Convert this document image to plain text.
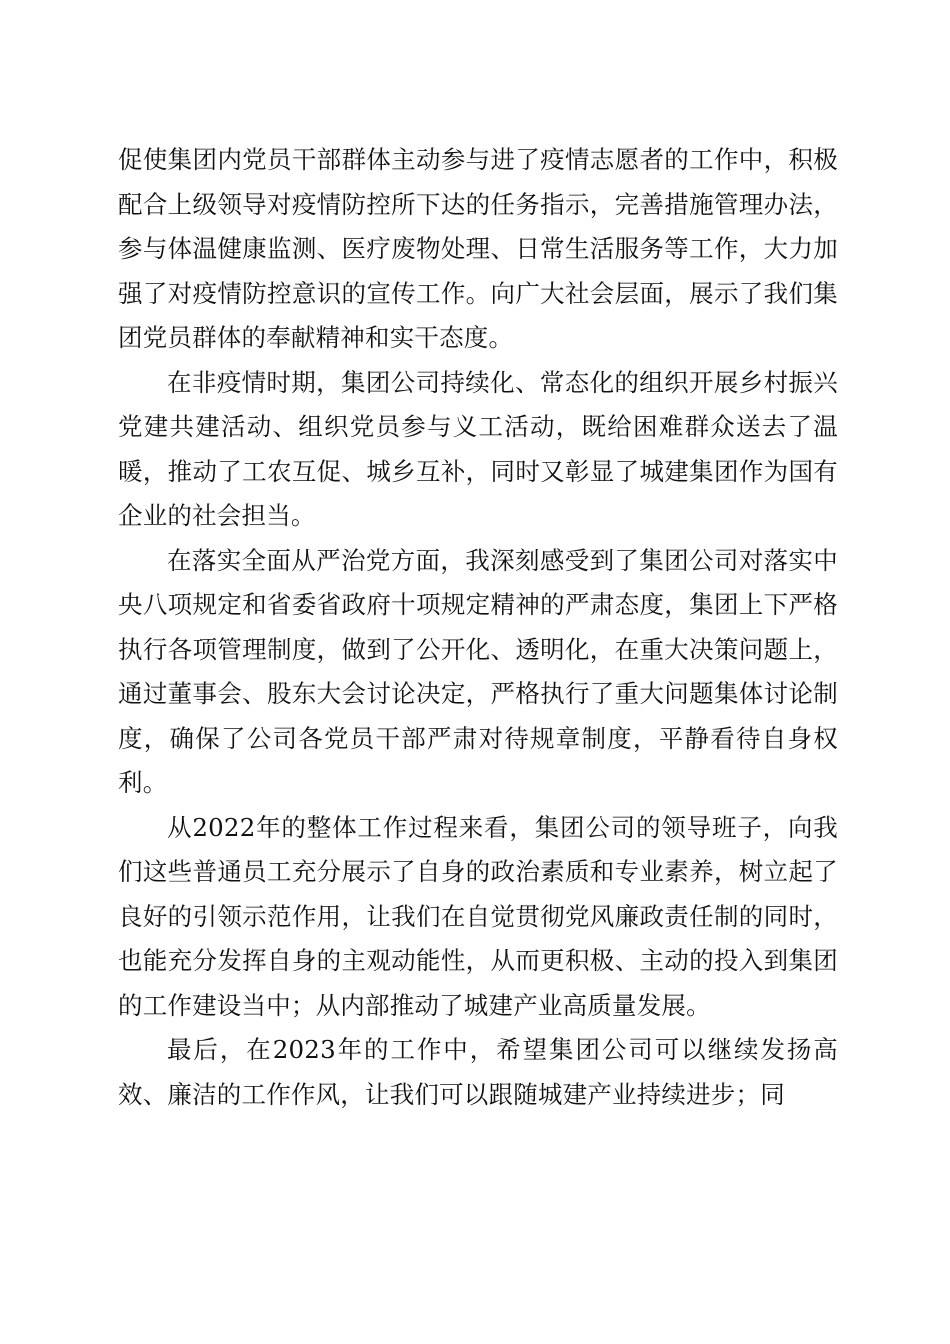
促使集团内党员干部群体主动参与进了疫情志愿者的工作中，积极配合上级领导对疫情防控所下达的任务指示，完善措施管理办法，参与体温健康监测、医疗废物处理、日常生活服务等工作，大力加强了对疫情防控意识的宣传工作。向广大社会层面，展示了我们集团党员群体的奉献精神和实干态度。

在非疫情时期，集团公司持续化、常态化的组织开展乡村振兴党建共建活动、组织党员参与义工活动，既给困难群众送去了温暖，推动了工农互促、城乡互补，同时又彰显了城建集团作为国有企业的社会担当。

在落实全面从严治党方面，我深刻感受到了集团公司对落实中央八项规定和省委省政府十项规定精神的严肃态度，集团上下严格执行各项管理制度，做到了公开化、透明化，在重大决策问题上，通过董事会、股东大会讨论决定，严格执行了重大问题集体讨论制度，确保了公司各党员干部严肃对待规章制度，平静看待自身权利。

从2022年的整体工作过程来看，集团公司的领导班子，向我们这些普通员工充分展示了自身的政治素质和专业素养，树立起了良好的引领示范作用，让我们在自觉贯彻党风廉政责任制的同时，也能充分发挥自身的主观动能性，从而更积极、主动的投入到集团的工作建设当中；从内部推动了城建产业高质量发展。

最后，在2023年的工作中，希望集团公司可以继续发扬高效、廉洁的工作作风，让我们可以跟随城建产业持续进步；同
